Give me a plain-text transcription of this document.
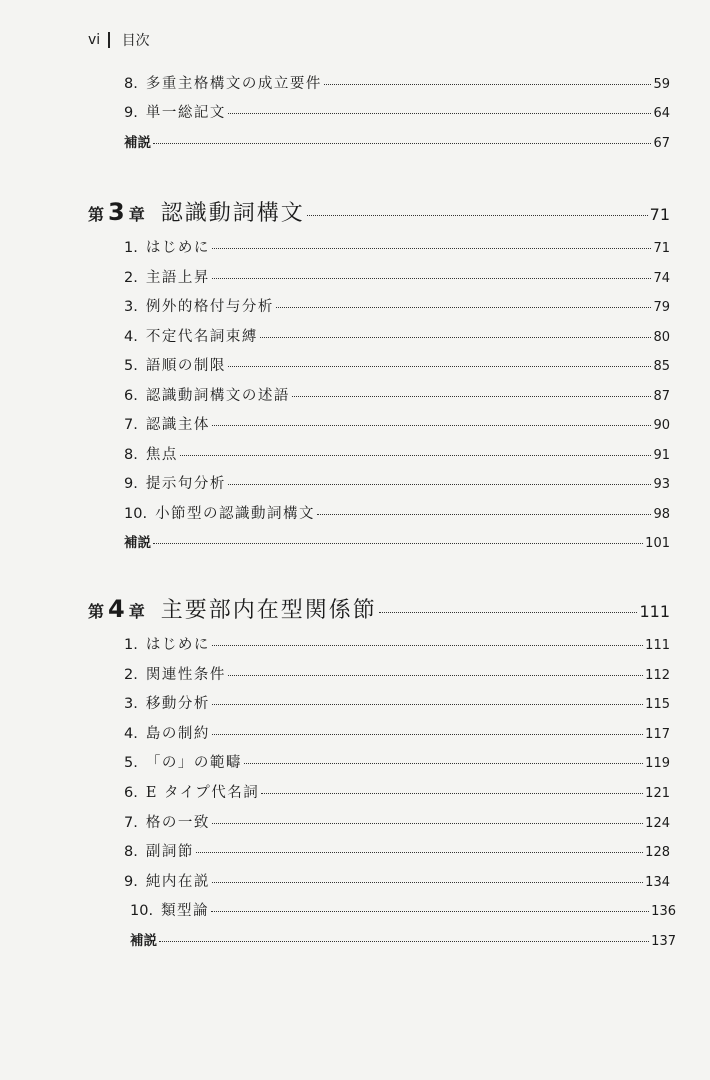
vi 目次
8. 多重主格構文の成立要件	59
9. 単一総記文	64
補説	67
第 3 章 認識動詞構文	71
1. はじめに	71
2. 主語上昇	74
3. 例外的格付与分析	79
4. 不定代名詞束縛	80
5. 語順の制限	85
6. 認識動詞構文の述語	87
7. 認識主体	90
8. 焦点	91
9. 提示句分析	93
10. 小節型の認識動詞構文	98
補説	101
第 4 章 主要部内在型関係節	111
1. はじめに	111
2. 関連性条件	112
3. 移動分析	115
4. 島の制約	117
5. 「の」の範疇	119
6. E タイプ代名詞	121
7. 格の一致	124
8. 副詞節	128
9. 純内在説	134
10. 類型論	136
補説	137
